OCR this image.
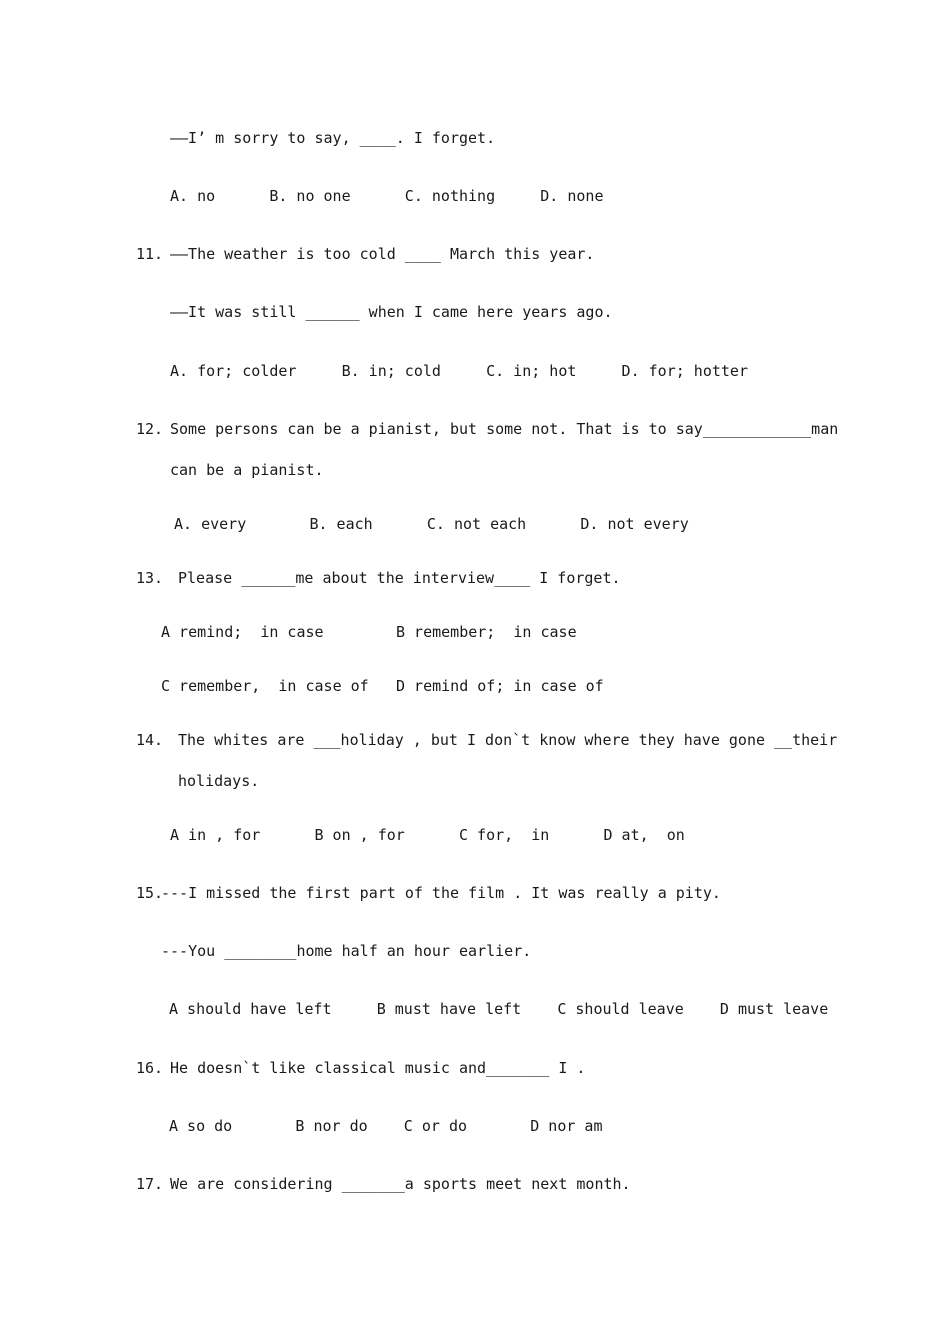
——I’ m sorry to say, ____. I forget.
A. no      B. no one      C. nothing     D. none
11. ——The weather is too cold ____ March this year.
——It was still ______ when I came here years ago.
A. for; colder     B. in; cold     C. in; hot     D. for; hotter
12. Some persons can be a pianist, but some not. That is to say____________man
can be a pianist.
A. every       B. each      C. not each      D. not every
13. Please ______me about the interview____ I forget.
A remind;  in case	B remember;  in case
C remember,  in case of D remind of; in case of
14. The whites are ___holiday , but I don`t know where they have gone __their
holidays.
A in , for      B on , for      C for,  in      D at,  on
15.
---I missed the first part of the film . It was really a pity.
---You ________home half an hour earlier.
A should have left     B must have left    C should leave    D must leave
16. He doesn`t like classical music and_______ I .
A so do       B nor do    C or do       D nor am
17. We are considering _______a sports meet next month.
